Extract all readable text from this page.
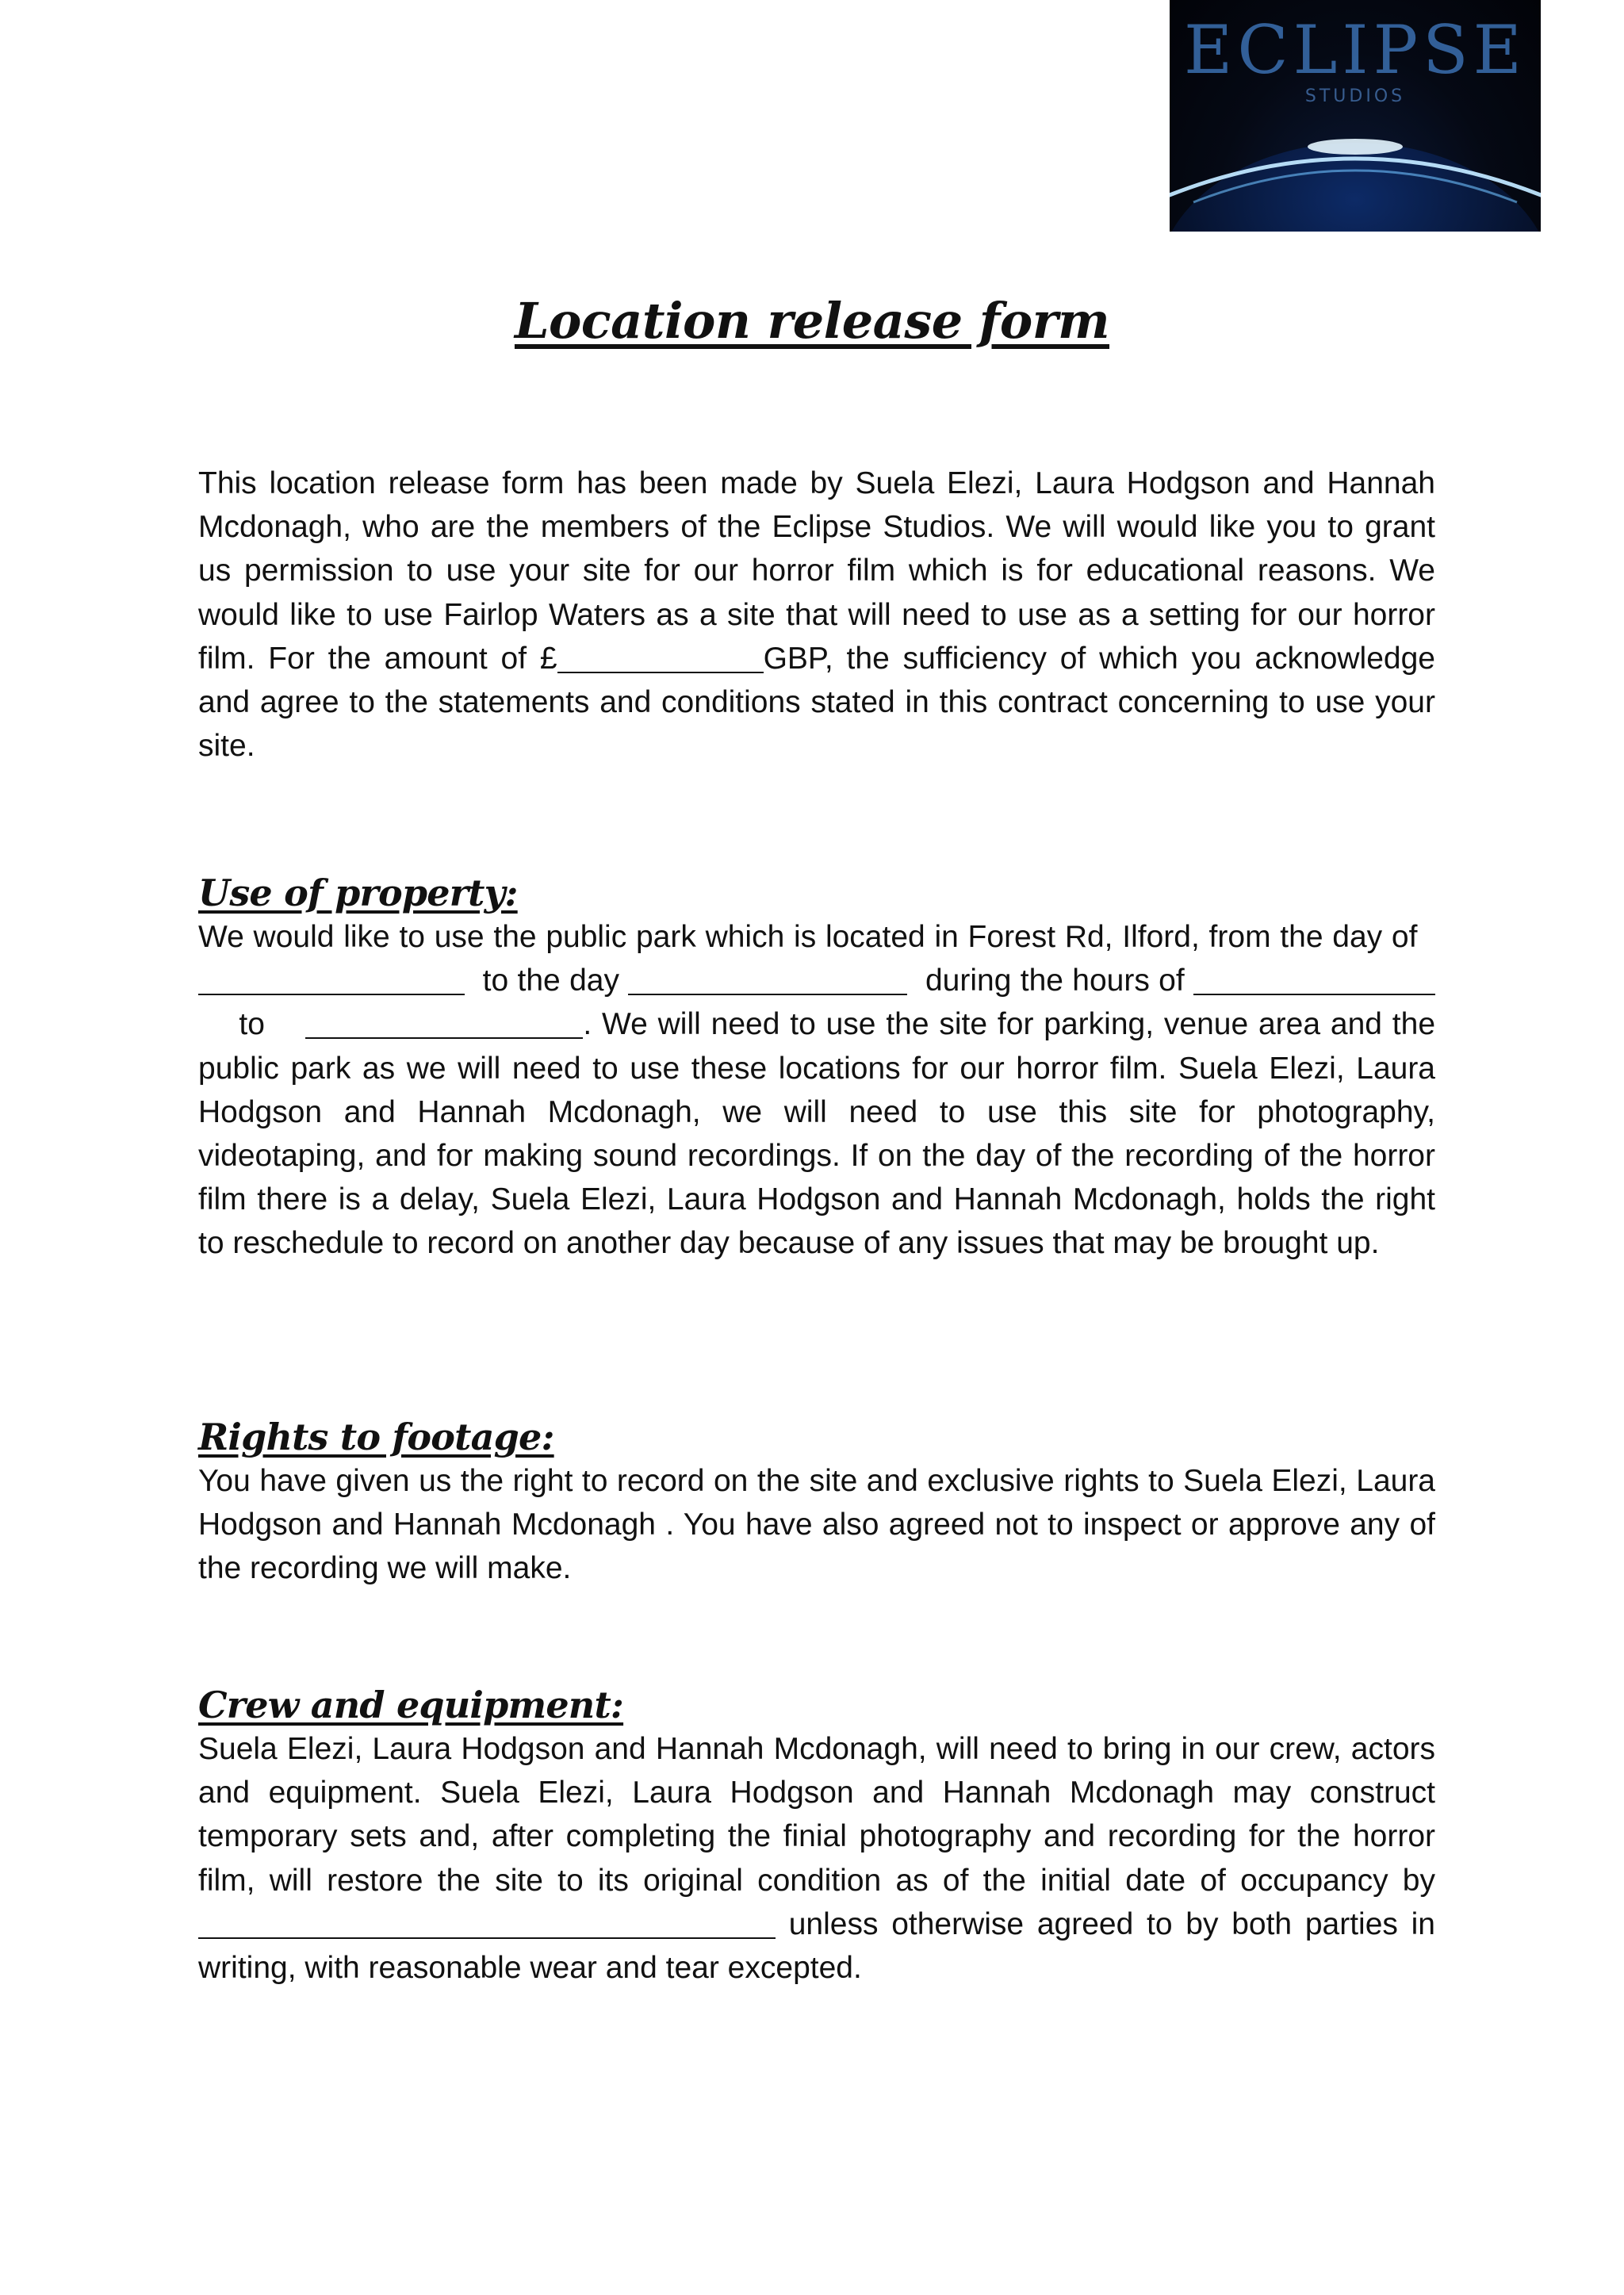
ECLIPSE
STUDIOS
Location release form

This location release form has been made by Suela Elezi, Laura Hodgson and Hannah Mcdonagh, who are the members of the Eclipse Studios. We will would like you to grant us permission to use your site for our horror film which is for educational reasons. We would like to use Fairlop Waters as a site that will need to use as a setting for our horror film. For the amount of £	GBP, the sufficiency of which you acknowledge and agree to the statements and conditions stated in this contract concerning to use your site.

Use of property:

We would like to use the public park which is located in Forest Rd, Ilford, from the day of    to the day	during the hours of     to	. We will need to use the site for parking, venue area and the public park as we will need to use these locations for our horror film. Suela Elezi, Laura Hodgson and Hannah Mcdonagh, we will need to use this site for photography, videotaping, and for making sound recordings. If on the day of the recording of the horror film there is a delay, Suela Elezi, Laura Hodgson and Hannah Mcdonagh, holds the right to reschedule to record on another day because of any issues that may be brought up.

Rights to footage:

You have given us the right to record on the site and exclusive rights to Suela Elezi, Laura Hodgson and Hannah Mcdonagh . You have also agreed not to inspect or approve any of the recording we will make.

Crew and equipment:

Suela Elezi, Laura Hodgson and Hannah Mcdonagh, will need to bring in our crew, actors and equipment. Suela Elezi, Laura Hodgson and Hannah Mcdonagh may construct temporary sets and, after completing the finial photography and recording for the horror film, will restore the site to its original condition as of the initial date of occupancy by  unless otherwise agreed to by both parties in writing, with reasonable wear and tear excepted.
